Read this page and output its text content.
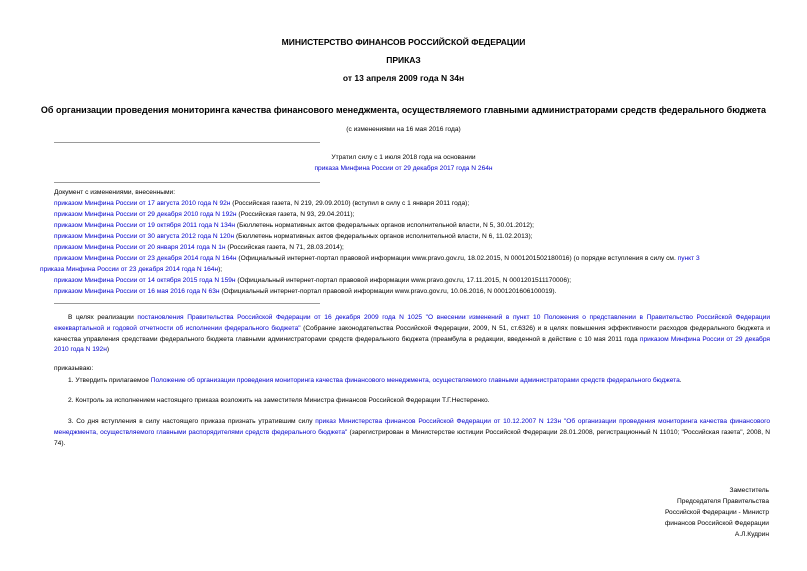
МИНИСТЕРСТВО ФИНАНСОВ РОССИЙСКОЙ ФЕДЕРАЦИИ
ПРИКАЗ
от 13 апреля 2009 года N 34н
Об организации проведения мониторинга качества финансового менеджмента, осуществляемого главными администраторами средств федерального бюджета
(с изменениями на 16 мая 2016 года)
Утратил силу с 1 июля 2018 года на основании
приказа Минфина России от 29 декабря 2017 года N 264н
Документ с изменениями, внесенными:
приказом Минфина России от 17 августа 2010 года N 92н (Российская газета, N 219, 29.09.2010) (вступил в силу с 1 января 2011 года);
приказом Минфина России от 29 декабря 2010 года N 192н (Российская газета, N 93, 29.04.2011);
приказом Минфина России от 19 октября 2011 года N 134н (Бюллетень нормативных актов федеральных органов исполнительной власти, N 5, 30.01.2012);
приказом Минфина России от 30 августа 2012 года N 120н (Бюллетень нормативных актов федеральных органов исполнительной власти, N 6, 11.02.2013);
приказом Минфина России от 20 января 2014 года N 1н (Российская газета, N 71, 28.03.2014);
приказом Минфина России от 23 декабря 2014 года N 164н (Официальный интернет-портал правовой информации www.pravo.gov.ru, 18.02.2015, N 0001201502180016) (о порядке вступления в силу см. пункт 3
приказа Минфина России от 23 декабря 2014 года N 164н);
приказом Минфина России от 14 октября 2015 года N 159н (Официальный интернет-портал правовой информации www.pravo.gov.ru, 17.11.2015, N 0001201511170006);
приказом Минфина России от 16 мая 2016 года N 63н (Официальный интернет-портал правовой информации www.pravo.gov.ru, 10.06.2016, N 0001201606100019).
В целях реализации постановления Правительства Российской Федерации от 16 декабря 2009 года N 1025 "О внесении изменений в пункт 10 Положения о представлении в Правительство Российской Федерации ежеквартальной и годовой отчетности об исполнении федерального бюджета" (Собрание законодательства Российской Федерации, 2009, N 51, ст.6326) и в целях повышения эффективности расходов федерального бюджета и качества управления средствами федерального бюджета главными администраторами средств федерального бюджета (преамбула в редакции, введенной в действие с 10 мая 2011 года приказом Минфина России от 29 декабря 2010 года N 192н)
приказываю:
1. Утвердить прилагаемое Положение об организации проведения мониторинга качества финансового менеджмента, осуществляемого главными администраторами средств федерального бюджета.
2. Контроль за исполнением настоящего приказа возложить на заместителя Министра финансов Российской Федерации Т.Г.Нестеренко.
3. Со дня вступления в силу настоящего приказа признать утратившим силу приказ Министерства финансов Российской Федерации от 10.12.2007 N 123н "Об организации проведения мониторинга качества финансового менеджмента, осуществляемого главными распорядителями средств федерального бюджета" (зарегистрирован в Министерстве юстиции Российской Федерации 28.01.2008, регистрационный N 11010; "Российская газета", 2008, N 74).
Заместитель
Председателя Правительства
Российской Федерации - Министр
финансов Российской Федерации
А.Л.Кудрин
